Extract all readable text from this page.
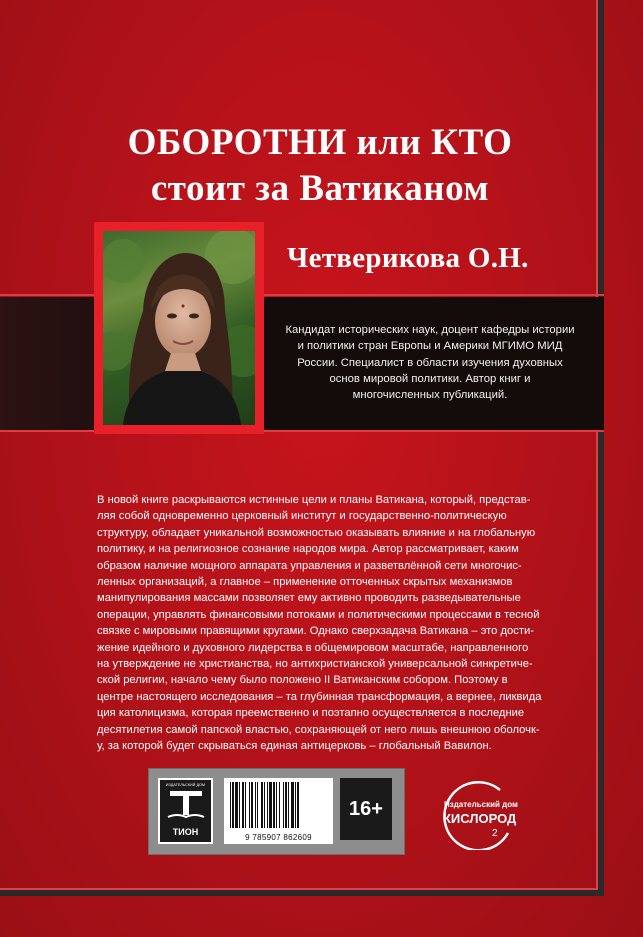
ОБОРОТНИ или КТО
стоит за Ватиканом
Четверикова О.Н.
Кандидат исторических наук, доцент кафедры истории и политики стран Европы и Америки МГИМО МИД России. Специалист в области изучения духовных основ мировой политики. Автор книг и многочисленных публикаций.
В новой книге раскрываются истинные цели и планы Ватикана, который, представ-
ляя собой одновременно церковный институт и государственно-политическую
структуру, обладает уникальной возможностью оказывать влияние и на глобальную
политику, и на религиозное сознание народов мира. Автор рассматривает, каким
образом наличие мощного аппарата управления и разветвлённой сети многочис-
ленных организаций, а главное – применение отточенных скрытых механизмов
манипулирования массами позволяет ему активно проводить разведывательные
операции, управлять финансовыми потоками и политическими процессами в тесной
связке с мировыми правящими кругами. Однако сверхзадача Ватикана – это дости-
жение идейного и духовного лидерства в общемировом масштабе, направленного
на утверждение не христианства, но антихристианской универсальной синкретиче-
ской религии, начало чему было положено II Ватиканским собором. Поэтому в
центре настоящего исследования – та глубинная трансформация, а вернее, ликвида
ция католицизма, которая преемственно и поэтапно осуществляется в последние
десятилетия самой папской властью, сохраняющей от него лишь внешнюю оболочк-
у, за которой будет скрываться единая антицерковь – глобальный Вавилон.
ИЗДАТЕЛЬСКИЙ ДОМ
ТИОН
9 785907 862609
16+	Издательский дом
КИСЛОРОД
2
